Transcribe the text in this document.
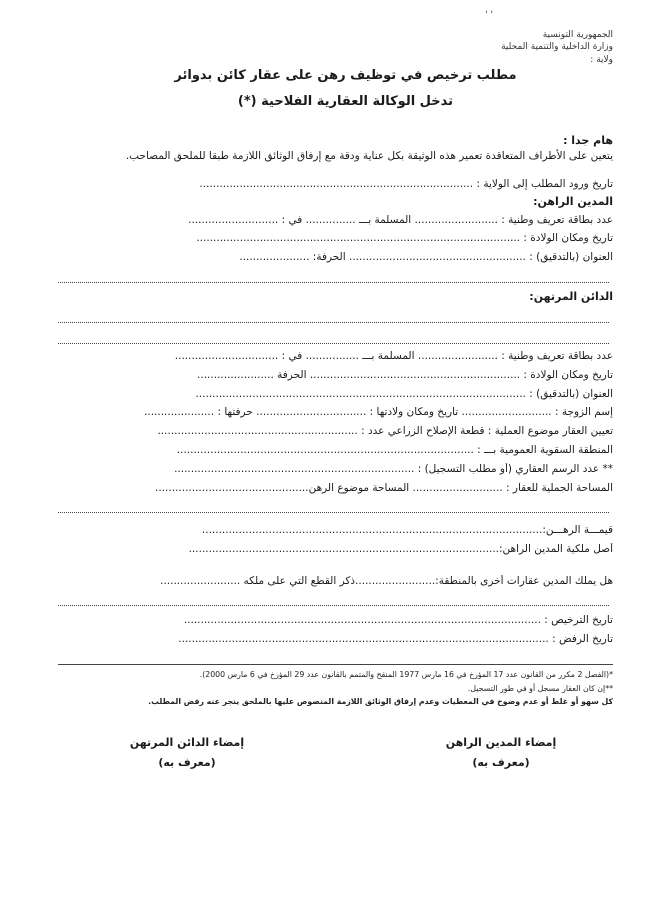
' '
الجمهورية التونسية
وزارة الداخلية والتنمية المحلية
ولاية :
مطلب ترخيص في توظيف رهن على عقار كائن بدوائر
تدخل الوكالة العقارية الفلاحية (*)
هام جدا :
يتعين على الأطراف المتعاقدة تعمير هذه الوثيقة بكل عناية ودقة مع إرفاق الوثائق اللازمة طبقا للملحق المصاحب.
تاريخ ورود المطلب إلى الولاية : ..................................................................................
المدين الراهن:
عدد بطاقة تعريف وطنية : ......................... المسلمة بـــ ............... في : ...........................
تاريخ ومكان الولادة : .................................................................................................
العنوان (بالتدقيق) : ..................................................... الحرفة: .....................
الدائن المرتهن:
عدد بطاقة تعريف وطنية : ........................ المسلمة بـــ ................ في : ...............................
تاريخ ومكان الولادة : ............................................................... الحرفة .......................
العنوان (بالتدقيق) : ...................................................................................................
إسم الزوجة : ........................... تاريخ ومكان ولادتها : ................................. حرفتها : .....................
تعيين العقار موضوع العملية : قطعة الإصلاح الزراعي عدد : ............................................................
المنطقة السقوية العمومية بـــ : .........................................................................................
** عدد الرسم العقاري (أو مطلب التسجيل) : ........................................................................
المساحة الجملية للعقار : ........................... المساحة موضوع الرهن..............................................
قيمـــة الرهـــن:......................................................................................................
أصل ملكية المدين الراهن:.............................................................................................
هل يملك المدين عقارات أخرى بالمنطقة:........................ذكر القطع التي على ملكه ........................
تاريخ الترخيص : ...........................................................................................................
تاريخ الرفض : ...............................................................................................................
*(الفصل 2 مكرر من القانون عدد 17 المؤرخ في 16 مارس 1977 المنقح والمتمم بالقانون عدد 29 المؤرخ في 6 مارس 2000).
**إن كان العقار مسجل أو في طور التسجيل.
كل سهو أو غلط أو عدم وضوح في المعطيات وعدم إرفاق الوثائق اللازمة المنصوص عليها بالملحق ينجر عنه رفض المطلب.
إمضاء المدين الراهن
(معرف به)
إمضاء الدائن المرتهن
(معرف به)
